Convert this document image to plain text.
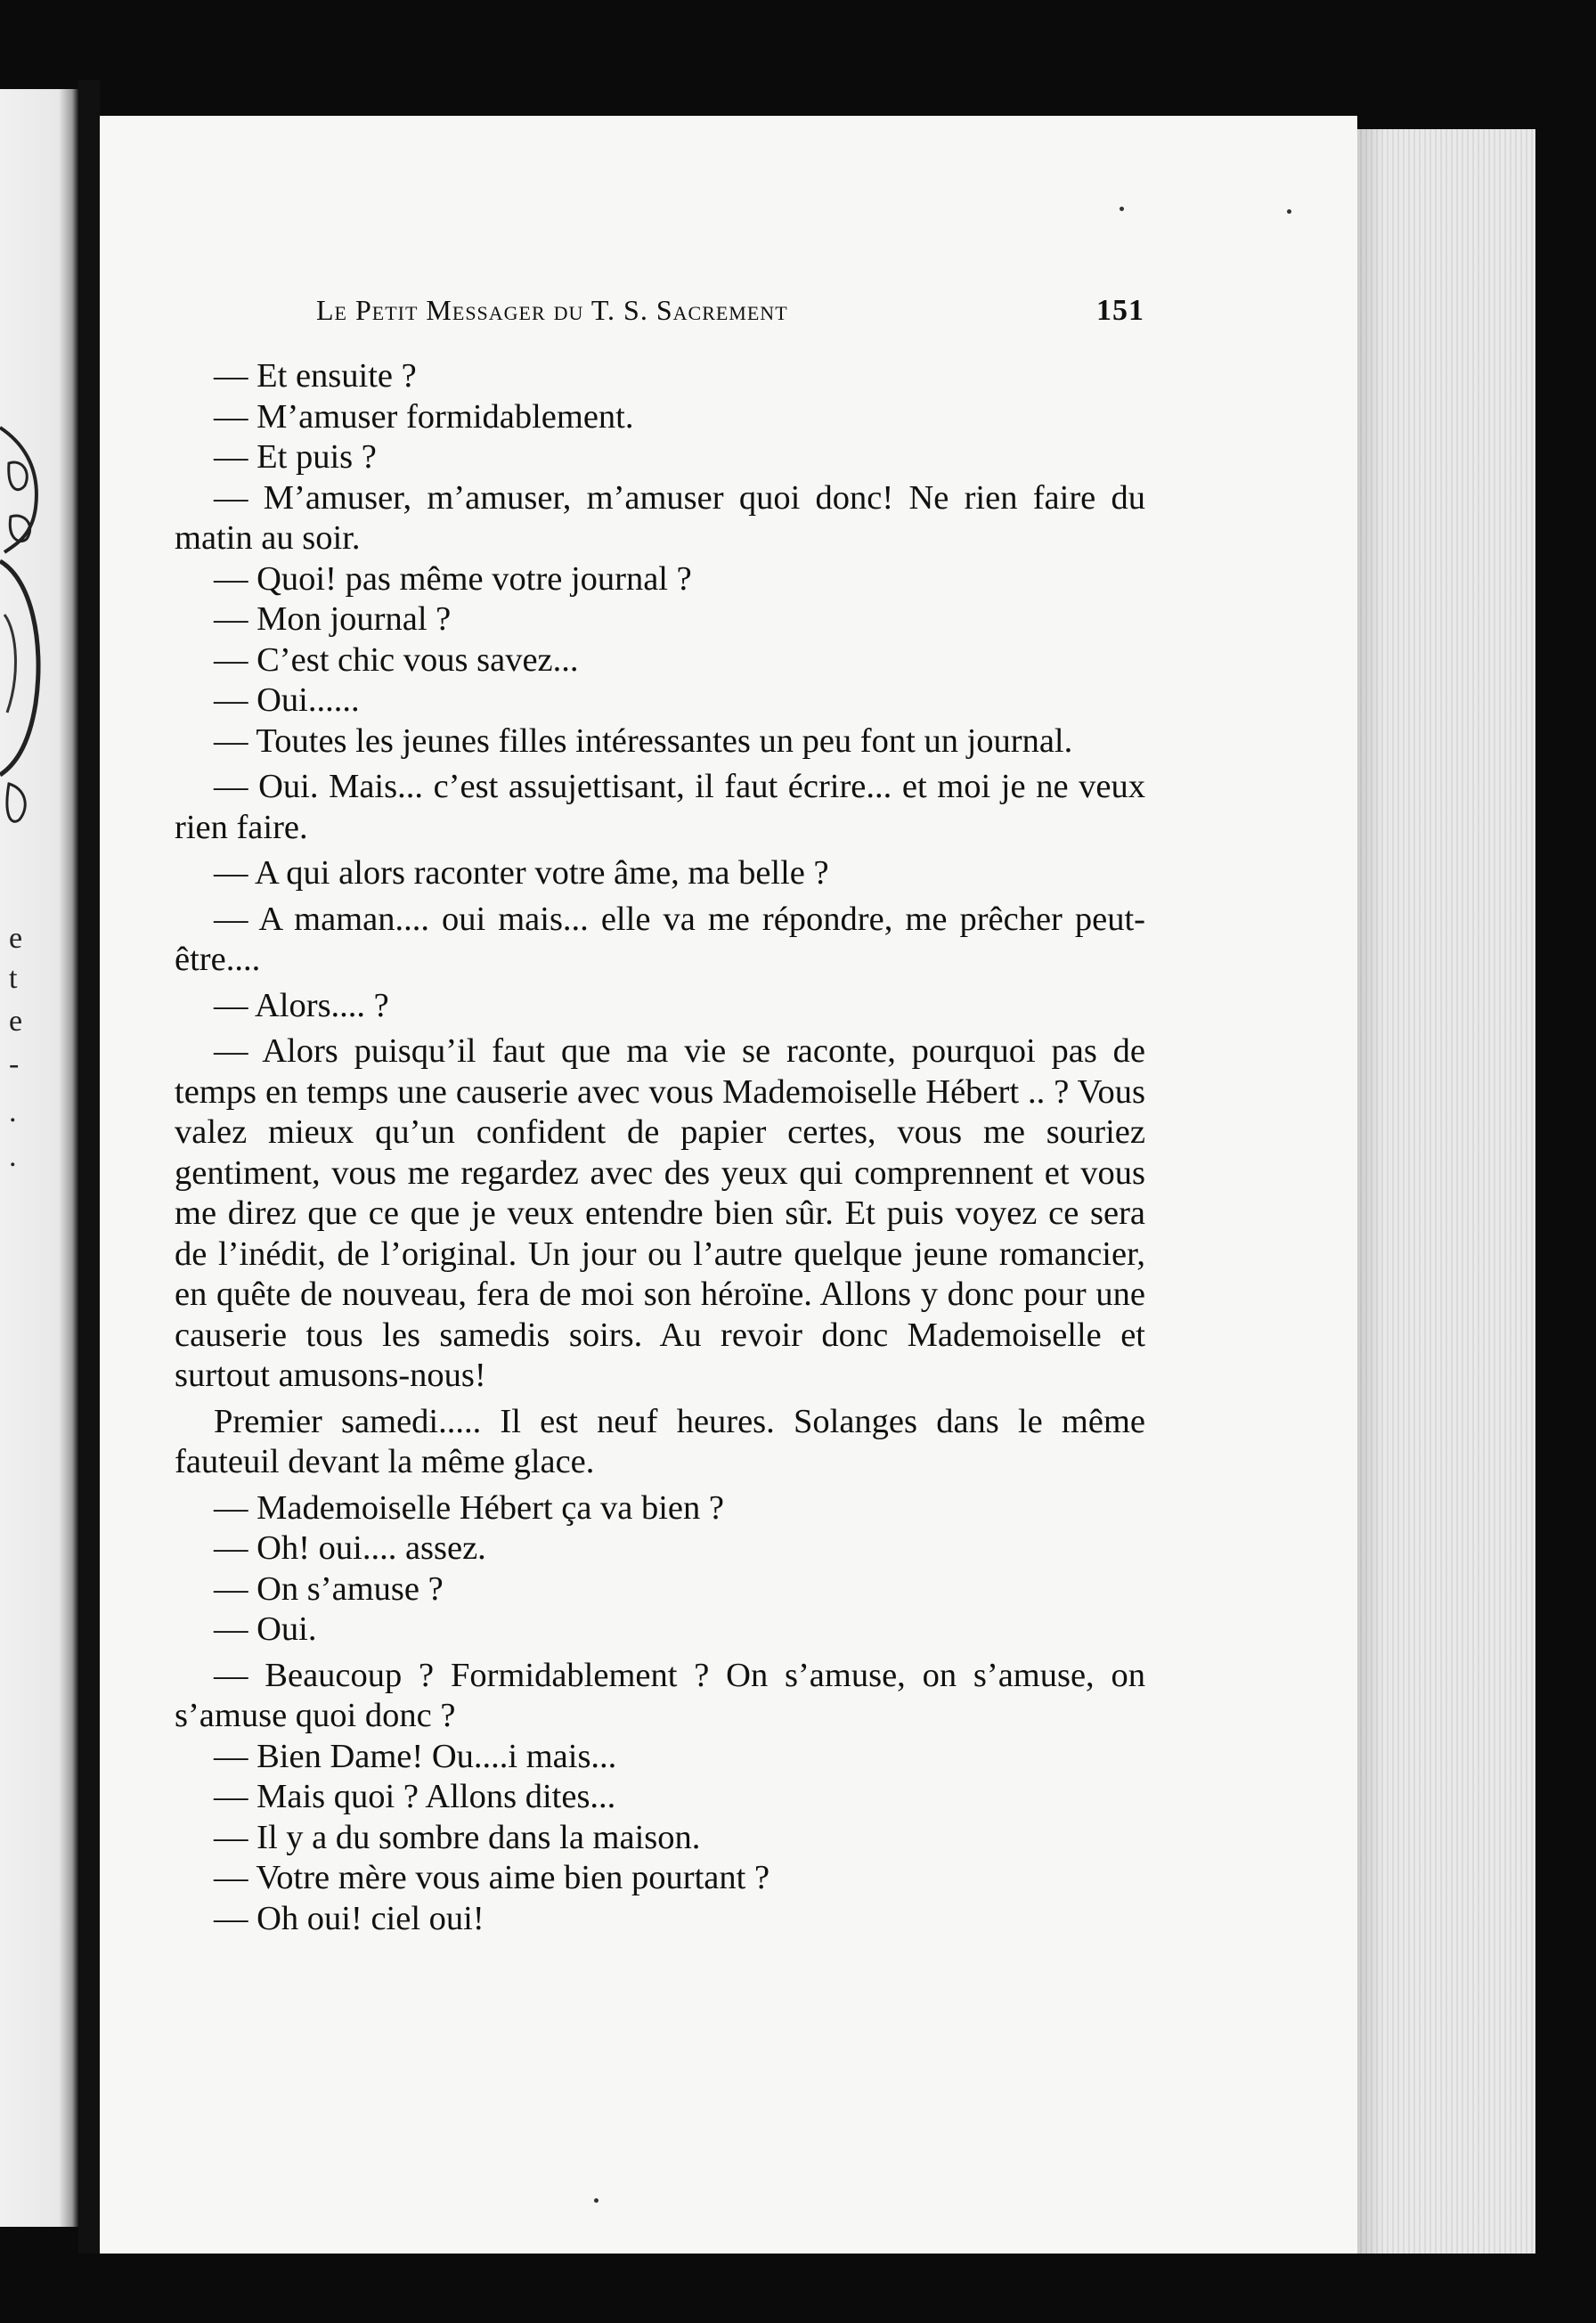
e
t
e
-
.
.
Le Petit Messager du T. S. Sacrement	151

— Et ensuite ?

— M’amuser formidablement.

— Et puis ?

— M’amuser, m’amuser, m’amuser quoi donc! Ne rien faire du matin au soir.

— Quoi! pas même votre journal ?

— Mon journal ?

— C’est chic vous savez...

— Oui......

— Toutes les jeunes filles intéressantes un peu font un journal.

— Oui. Mais... c’est assujettisant, il faut écrire... et moi je ne veux rien faire.

— A qui alors raconter votre âme, ma belle ?

— A maman.... oui mais... elle va me répondre, me prêcher peut-être....

— Alors.... ?

— Alors puisqu’il faut que ma vie se raconte, pourquoi pas de temps en temps une causerie avec vous Mademoiselle Hébert .. ? Vous valez mieux qu’un confident de papier certes, vous me souriez gentiment, vous me regardez avec des yeux qui comprennent et vous me direz que ce que je veux entendre bien sûr. Et puis voyez ce sera de l’inédit, de l’original. Un jour ou l’autre quelque jeune romancier, en quête de nouveau, fera de moi son héroïne. Allons y donc pour une causerie tous les samedis soirs. Au revoir donc Mademoiselle et surtout amusons-nous!

Premier samedi..... Il est neuf heures. Solanges dans le même fauteuil devant la même glace.

— Mademoiselle Hébert ça va bien ?

— Oh! oui.... assez.

— On s’amuse ?

— Oui.

— Beaucoup ? Formidablement ? On s’amuse, on s’amuse, on s’amuse quoi donc ?

— Bien Dame! Ou....i mais...

— Mais quoi ? Allons dites...

— Il y a du sombre dans la maison.

— Votre mère vous aime bien pourtant ?

— Oh oui! ciel oui!
